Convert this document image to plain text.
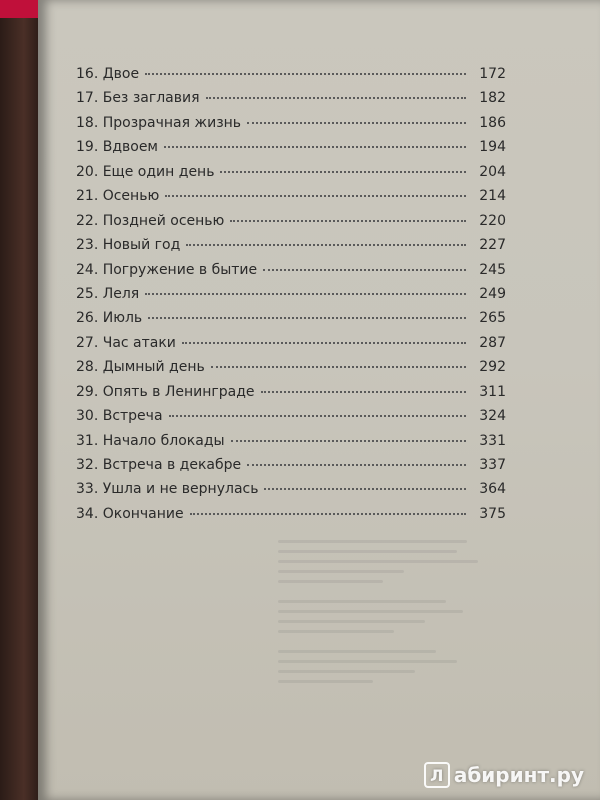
16. Двое	172
17. Без заглавия	182
18. Прозрачная жизнь	186
19. Вдвоем	194
20. Еще один день	204
21. Осенью	214
22. Поздней осенью	220
23. Новый год	227
24. Погружение в бытие	245
25. Леля	249
26. Июль	265
27. Час атаки	287
28. Дымный день	292
29. Опять в Ленинграде	311
30. Встреча	324
31. Начало блокады	331
32. Встреча в декабре	337
33. Ушла и не вернулась	364
34. Окончание	375
Л абиринт.ру
